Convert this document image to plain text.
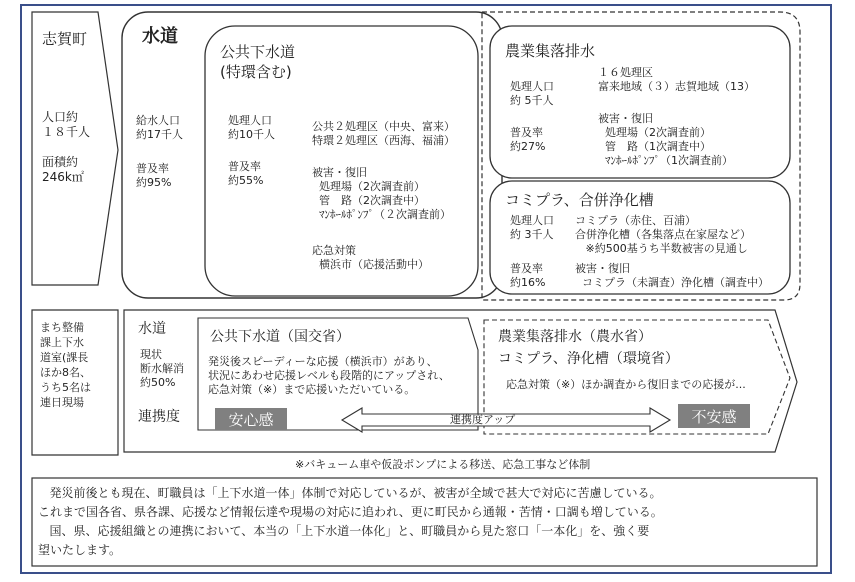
志賀町
人口約
１８千人
面積約
246k㎡
水道
給水人口
約17千人
普及率
約95%
公共下水道
(特環含む)
処理人口
約10千人
普及率
約55%
公共２処理区（中央、富来）
特環２処理区（西海、福浦）
被害・復旧
処理場（2次調査前）
管　路（2次調査中）
ﾏﾝﾎｰﾙﾎﾟﾝﾌﾟ（２次調査前）
応急対策
横浜市（応援活動中）
農業集落排水
処理人口
約 5千人
１６処理区
富来地域（３）志賀地域（13）
普及率
約27%
被害・復旧
処理場（2次調査前）
管　路（1次調査中）
ﾏﾝﾎｰﾙﾎﾟﾝﾌﾟ（1次調査前）
コミプラ、合併浄化槽
処理人口
約 3千人
コミプラ（赤住、百浦）
合併浄化槽（各集落点在家屋など）
※約500基うち半数被害の見通し
普及率
約16%
被害・復旧
コミプラ（未調査）浄化槽（調査中）
まち整備
課上下水
道室(課長
ほか8名、
うち5名は
連日現場
水道
現状
断水解消
約50%
連携度
公共下水道（国交省）
発災後スピーディーな応援（横浜市）があり、
状況にあわせ応援レベルも段階的にアップされ、
応急対策（※）まで応援いただいている。
安心感
農業集落排水（農水省）
コミプラ、浄化槽（環境省）
応急対策（※）ほか調査から復旧までの応援が...
不安感
連携度アップ
※バキューム車や仮設ポンプによる移送、応急工事など体制
発災前後とも現在、町職員は「上下水道一体」体制で対応しているが、被害が全域で甚大で対応に苦慮している。
これまで国各省、県各課、応援など情報伝達や現場の対応に追われ、更に町民から通報・苦情・口調も増している。
国、県、応援組織との連携において、本当の「上下水道一体化」と、町職員から見た窓口「一本化」を、強く要
望いたします。
